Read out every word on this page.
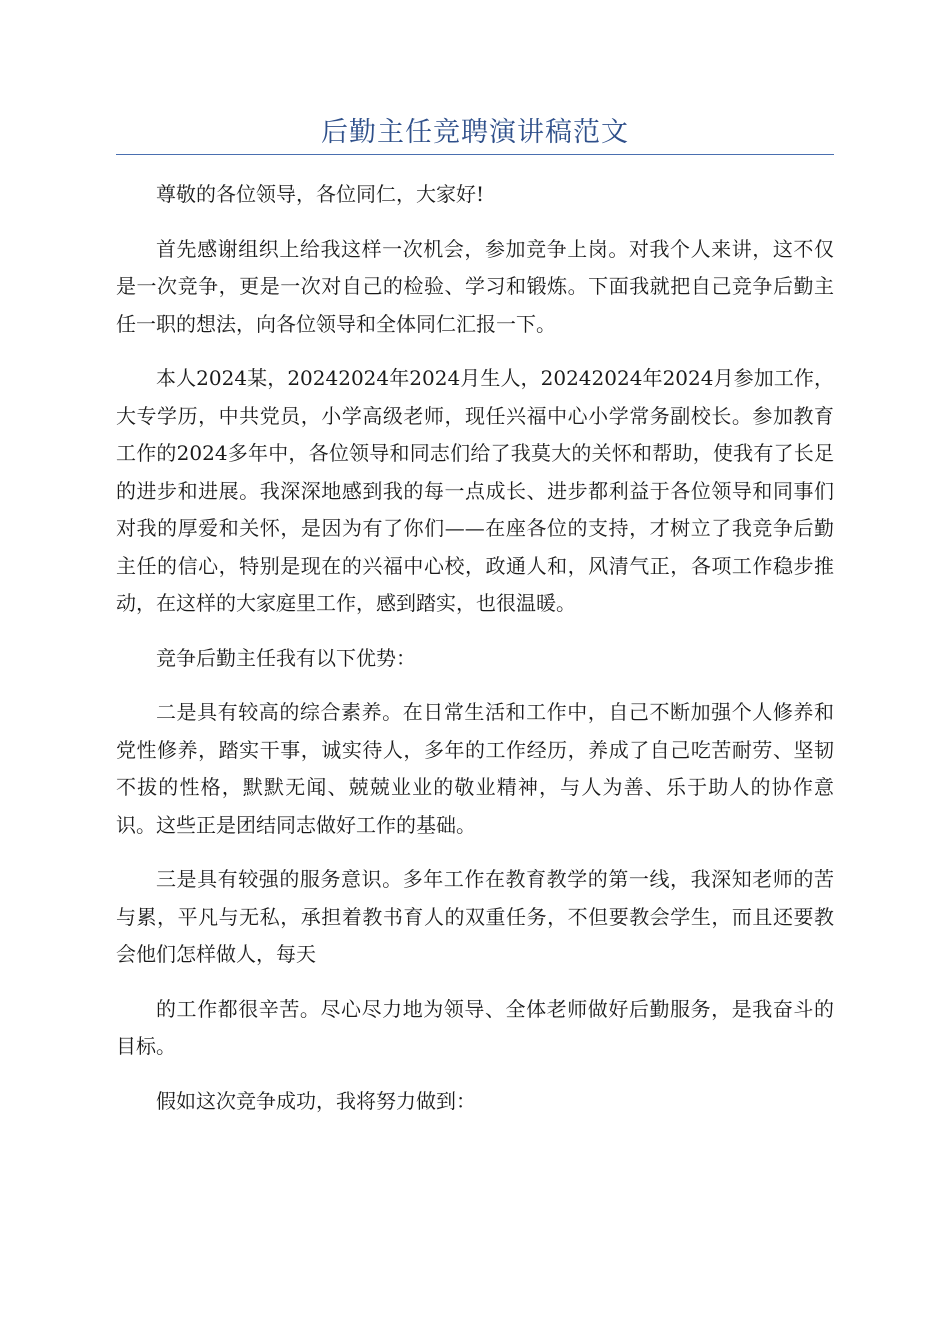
后勤主任竞聘演讲稿范文

尊敬的各位领导，各位同仁，大家好!

首先感谢组织上给我这样一次机会，参加竞争上岗。对我个人来讲，这不仅是一次竞争，更是一次对自己的检验、学习和锻炼。下面我就把自己竞争后勤主任一职的想法，向各位领导和全体同仁汇报一下。

本人2024某，20242024年2024月生人，20242024年2024月参加工作，大专学历，中共党员，小学高级老师，现任兴福中心小学常务副校长。参加教育工作的2024多年中，各位领导和同志们给了我莫大的关怀和帮助，使我有了长足的进步和进展。我深深地感到我的每一点成长、进步都利益于各位领导和同事们对我的厚爱和关怀，是因为有了你们——在座各位的支持，才树立了我竞争后勤主任的信心，特别是现在的兴福中心校，政通人和，风清气正，各项工作稳步推动，在这样的大家庭里工作，感到踏实，也很温暖。

竞争后勤主任我有以下优势：

二是具有较高的综合素养。在日常生活和工作中，自己不断加强个人修养和党性修养，踏实干事，诚实待人，多年的工作经历，养成了自己吃苦耐劳、坚韧不拔的性格，默默无闻、兢兢业业的敬业精神，与人为善、乐于助人的协作意识。这些正是团结同志做好工作的基础。

三是具有较强的服务意识。多年工作在教育教学的第一线，我深知老师的苦与累，平凡与无私，承担着教书育人的双重任务，不但要教会学生，而且还要教会他们怎样做人，每天

的工作都很辛苦。尽心尽力地为领导、全体老师做好后勤服务，是我奋斗的目标。

假如这次竞争成功，我将努力做到：
